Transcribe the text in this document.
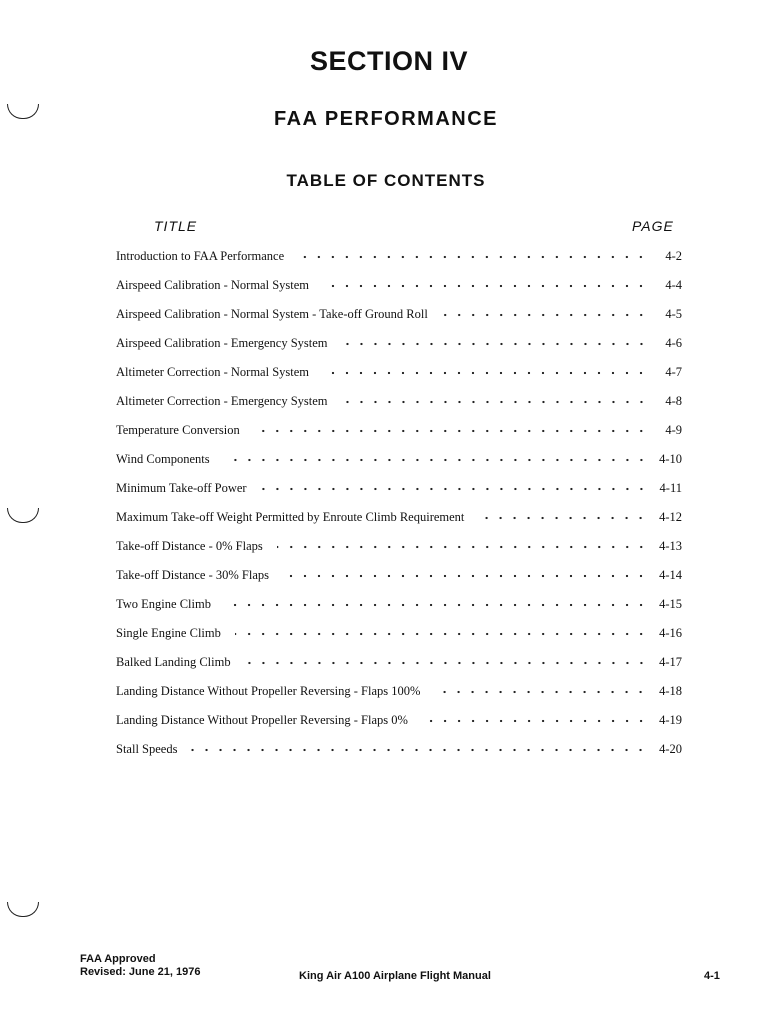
SECTION IV
FAA PERFORMANCE
TABLE OF CONTENTS
TITLE	PAGE
Introduction to FAA Performance	4-2
Airspeed Calibration - Normal System	4-4
Airspeed Calibration - Normal System - Take-off Ground Roll	4-5
Airspeed Calibration - Emergency System	4-6
Altimeter Correction - Normal System	4-7
Altimeter Correction - Emergency System	4-8
Temperature Conversion	4-9
Wind Components	4-10
Minimum Take-off Power	4-11
Maximum Take-off Weight Permitted by Enroute Climb Requirement	4-12
Take-off Distance - 0% Flaps	4-13
Take-off Distance - 30% Flaps	4-14
Two Engine Climb	4-15
Single Engine Climb	4-16
Balked Landing Climb	4-17
Landing Distance Without Propeller Reversing - Flaps 100%	4-18
Landing Distance Without Propeller Reversing - Flaps 0%	4-19
Stall Speeds	4-20
FAA Approved
Revised: June 21, 1976	King Air A100 Airplane Flight Manual	4-1
